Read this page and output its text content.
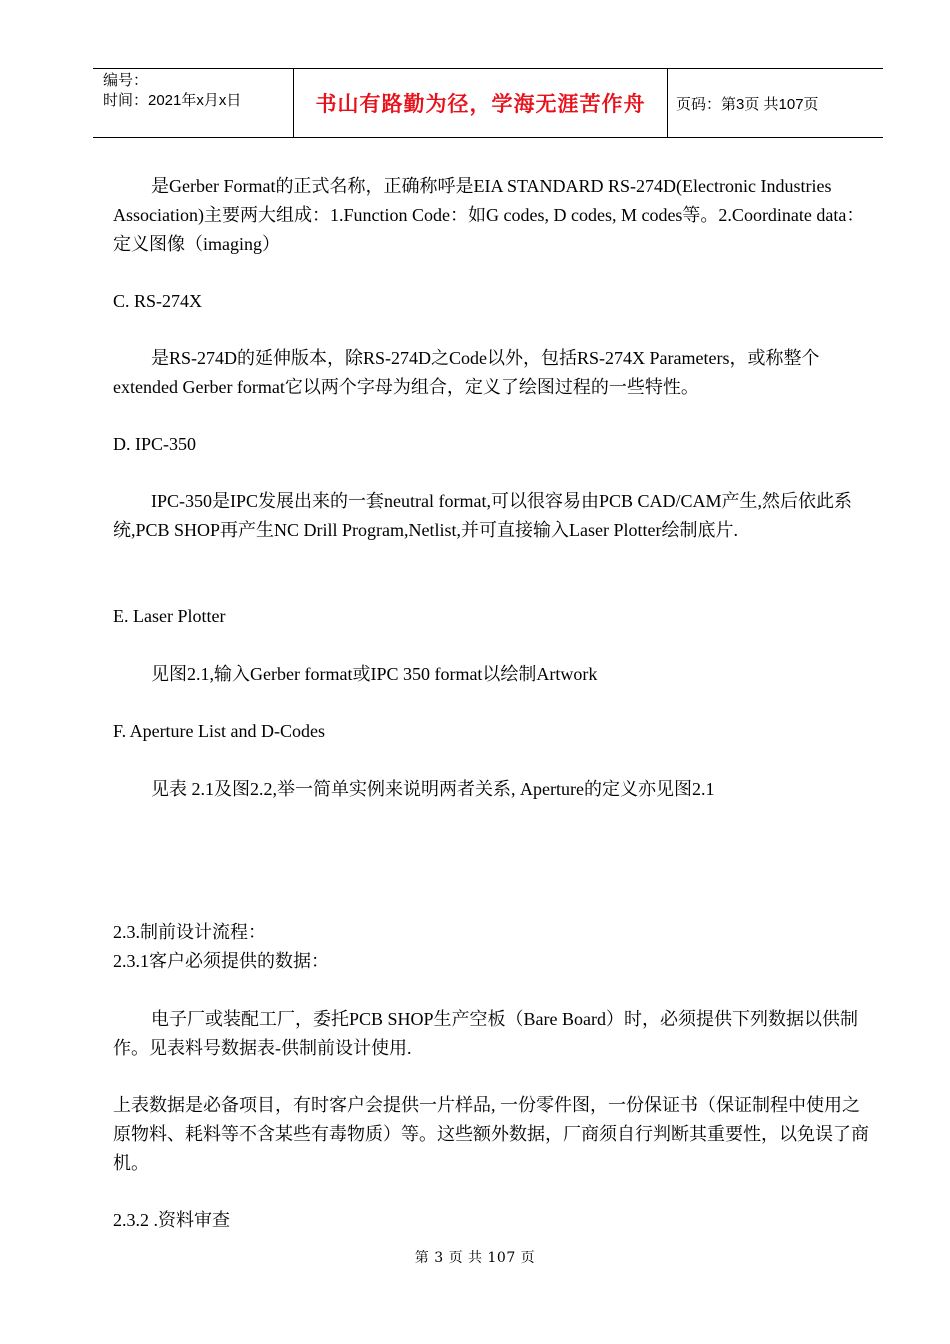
编号：
时间：2021年x月x日	书山有路勤为径，学海无涯苦作舟	页码：第3页 共107页
是Gerber Format的正式名称，正确称呼是EIA STANDARD RS-274D(Electronic Industries Association)主要两大组成：1.Function Code：如G codes, D codes, M codes等。2.Coordinate data：定义图像（imaging）
C. RS-274X
是RS-274D的延伸版本，除RS-274D之Code以外，包括RS-274X Parameters，或称整个extended Gerber format它以两个字母为组合，定义了绘图过程的一些特性。
D. IPC-350
IPC-350是IPC发展出来的一套neutral format,可以很容易由PCB CAD/CAM产生,然后依此系统,PCB SHOP再产生NC Drill Program,Netlist,并可直接输入Laser Plotter绘制底片.
E. Laser Plotter
见图2.1,输入Gerber format或IPC 350 format以绘制Artwork
F. Aperture List and D-Codes
见表 2.1及图2.2,举一简单实例来说明两者关系, Aperture的定义亦见图2.1
2.3.制前设计流程：
2.3.1客户必须提供的数据：
电子厂或装配工厂，委托PCB SHOP生产空板（Bare Board）时，必须提供下列数据以供制作。见表料号数据表-供制前设计使用.
上表数据是必备项目，有时客户会提供一片样品, 一份零件图，一份保证书（保证制程中使用之原物料、耗料等不含某些有毒物质）等。这些额外数据，厂商须自行判断其重要性，以免误了商机。
2.3.2 .资料审查
第 3 页 共 107 页
